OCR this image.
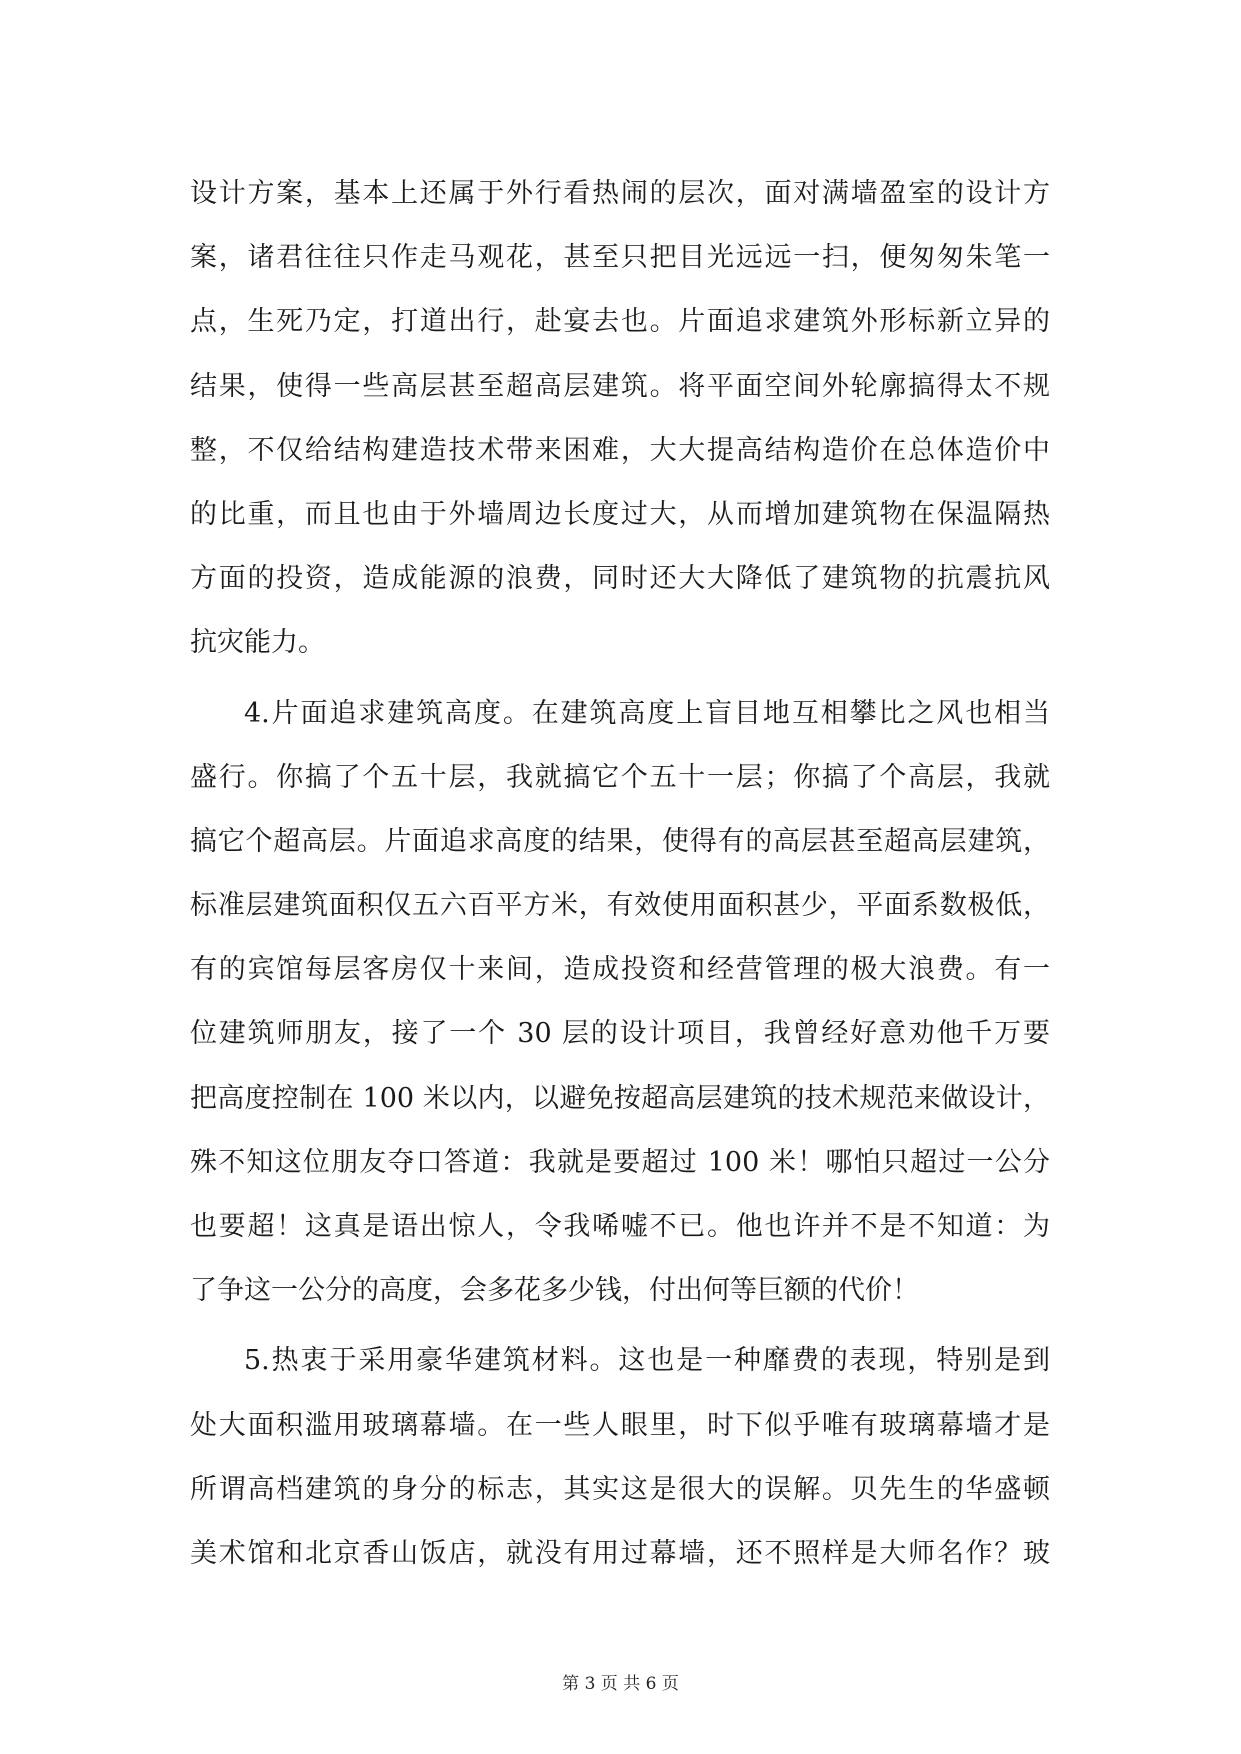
设计方案，基本上还属于外行看热闹的层次，面对满墙盈室的设计方
案，诸君往往只作走马观花，甚至只把目光远远一扫，便匆匆朱笔一
点，生死乃定，打道出行，赴宴去也。片面追求建筑外形标新立异的
结果，使得一些高层甚至超高层建筑。将平面空间外轮廓搞得太不规
整，不仅给结构建造技术带来困难，大大提高结构造价在总体造价中
的比重，而且也由于外墙周边长度过大，从而增加建筑物在保温隔热
方面的投资，造成能源的浪费，同时还大大降低了建筑物的抗震抗风
抗灾能力。
4.片面追求建筑高度。在建筑高度上盲目地互相攀比之风也相当
盛行。你搞了个五十层，我就搞它个五十一层；你搞了个高层，我就
搞它个超高层。片面追求高度的结果，使得有的高层甚至超高层建筑，
标准层建筑面积仅五六百平方米，有效使用面积甚少，平面系数极低，
有的宾馆每层客房仅十来间，造成投资和经营管理的极大浪费。有一
位建筑师朋友，接了一个 30 层的设计项目，我曾经好意劝他千万要
把高度控制在 100 米以内，以避免按超高层建筑的技术规范来做设计，
殊不知这位朋友夺口答道：我就是要超过 100 米！哪怕只超过一公分
也要超！这真是语出惊人，令我唏嘘不已。他也许并不是不知道：为
了争这一公分的高度，会多花多少钱，付出何等巨额的代价！
5.热衷于采用豪华建筑材料。这也是一种靡费的表现，特别是到
处大面积滥用玻璃幕墙。在一些人眼里，时下似乎唯有玻璃幕墙才是
所谓高档建筑的身分的标志，其实这是很大的误解。贝先生的华盛顿
美术馆和北京香山饭店，就没有用过幕墙，还不照样是大师名作？玻
第 3 页 共 6 页
